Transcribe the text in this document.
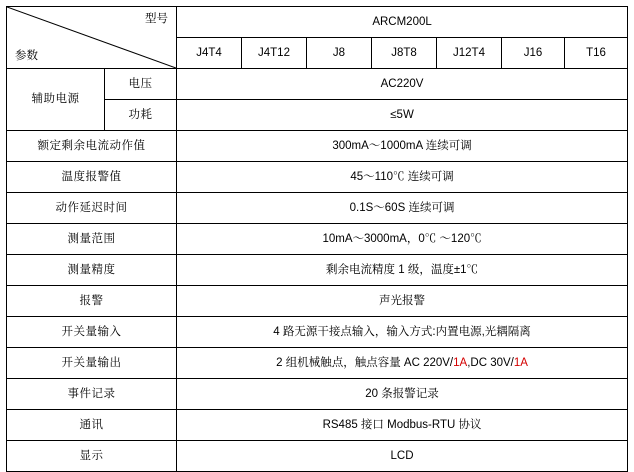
型号
参数		ARCM200L						
		J4T4	J4T12	J8	J8T8	J12T4	J16	T16
辅助电源	电压	AC220V						
	功耗	≤5W						
额定剩余电流动作值		300mA～1000mA 连续可调						
温度报警值		45～110℃ 连续可调						
动作延迟时间		0.1S～60S 连续可调						
测量范围		10mA～3000mA，0℃ ～120℃						
测量精度		剩余电流精度 1 级，温度±1℃						
报警		声光报警						
开关量输入		4 路无源干接点输入，输入方式:内置电源,光耦隔离						
开关量输出		2 组机械触点，触点容量 AC 220V/1A,DC 30V/1A						
事件记录		20 条报警记录						
通讯		RS485 接口 Modbus-RTU 协议						
显示		LCD						
